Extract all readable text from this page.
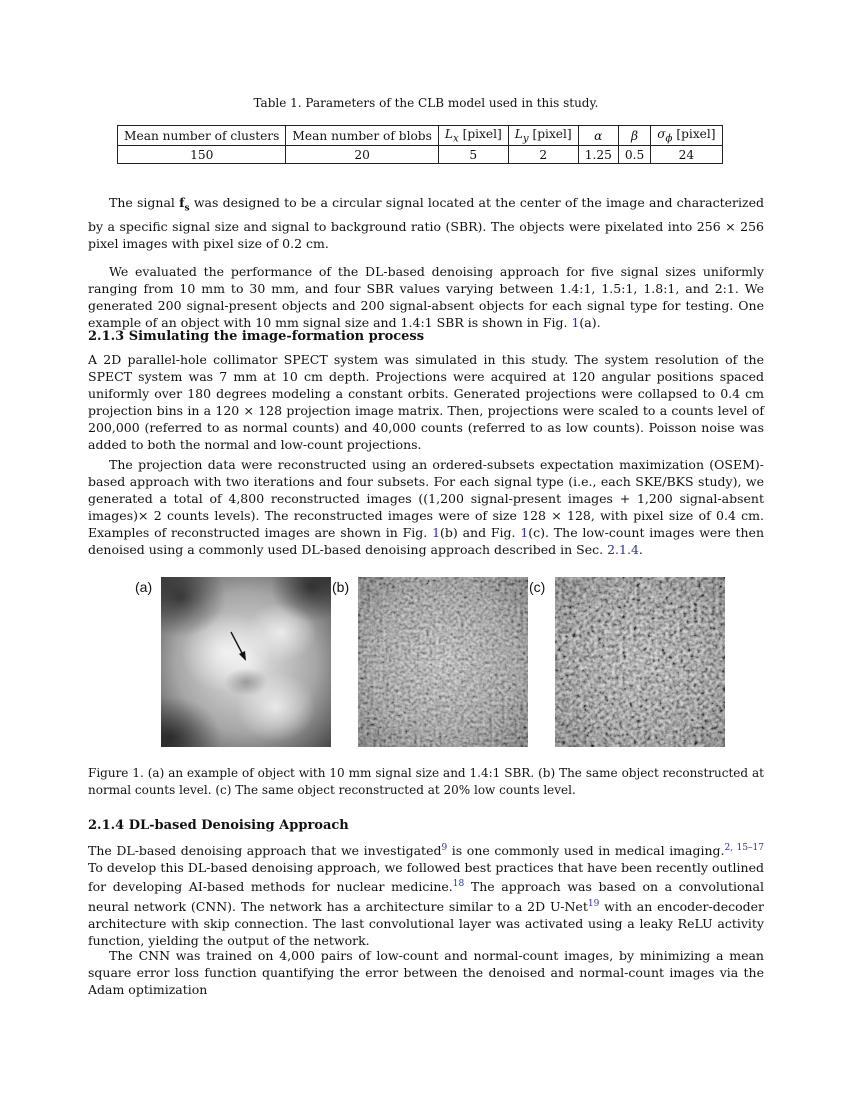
Table 1. Parameters of the CLB model used in this study.
Mean number of clusters	Mean number of blobs	$L_x$ [pixel]	$L_y$ [pixel]	α	β	$\sigma_\phi$ [pixel]
150	20	5	2	1.25	0.5	24

The signal $f_s$ was designed to be a circular signal located at the center of the image and characterized by a specific signal size and signal to background ratio (SBR). The objects were pixelated into 256 × 256 pixel images with pixel size of 0.2 cm.

We evaluated the performance of the DL-based denoising approach for five signal sizes uniformly ranging from 10 mm to 30 mm, and four SBR values varying between 1.4:1, 1.5:1, 1.8:1, and 2:1. We generated 200 signal-present objects and 200 signal-absent objects for each signal type for testing. One example of an object with 10 mm signal size and 1.4:1 SBR is shown in Fig. 1(a).

2.1.3 Simulating the image-formation process

A 2D parallel-hole collimator SPECT system was simulated in this study. The system resolution of the SPECT system was 7 mm at 10 cm depth. Projections were acquired at 120 angular positions spaced uniformly over 180 degrees modeling a constant orbits. Generated projections were collapsed to 0.4 cm projection bins in a 120 × 128 projection image matrix. Then, projections were scaled to a counts level of 200,000 (referred to as normal counts) and 40,000 counts (referred to as low counts). Poisson noise was added to both the normal and low-count projections.

The projection data were reconstructed using an ordered-subsets expectation maximization (OSEM)-based approach with two iterations and four subsets. For each signal type (i.e., each SKE/BKS study), we generated a total of 4,800 reconstructed images ((1,200 signal-present images + 1,200 signal-absent images)× 2 counts levels). The reconstructed images were of size 128 × 128, with pixel size of 0.4 cm. Examples of reconstructed images are shown in Fig. 1(b) and Fig. 1(c). The low-count images were then denoised using a commonly used DL-based denoising approach described in Sec. 2.1.4.

(a)	(b)	(c)

Figure 1. (a) an example of object with 10 mm signal size and 1.4:1 SBR. (b) The same object reconstructed at normal counts level. (c) The same object reconstructed at 20% low counts level.

2.1.4 DL-based Denoising Approach

The DL-based denoising approach that we investigated$^9$ is one commonly used in medical imaging.$^{2, 15-17}$ To develop this DL-based denoising approach, we followed best practices that have been recently outlined for developing AI-based methods for nuclear medicine.$^{18}$ The approach was based on a convolutional neural network (CNN). The network has a architecture similar to a 2D U-Net$^{19}$ with an encoder-decoder architecture with skip connection. The last convolutional layer was activated using a leaky ReLU activity function, yielding the output of the network.

The CNN was trained on 4,000 pairs of low-count and normal-count images, by minimizing a mean square error loss function quantifying the error between the denoised and normal-count images via the Adam optimization
